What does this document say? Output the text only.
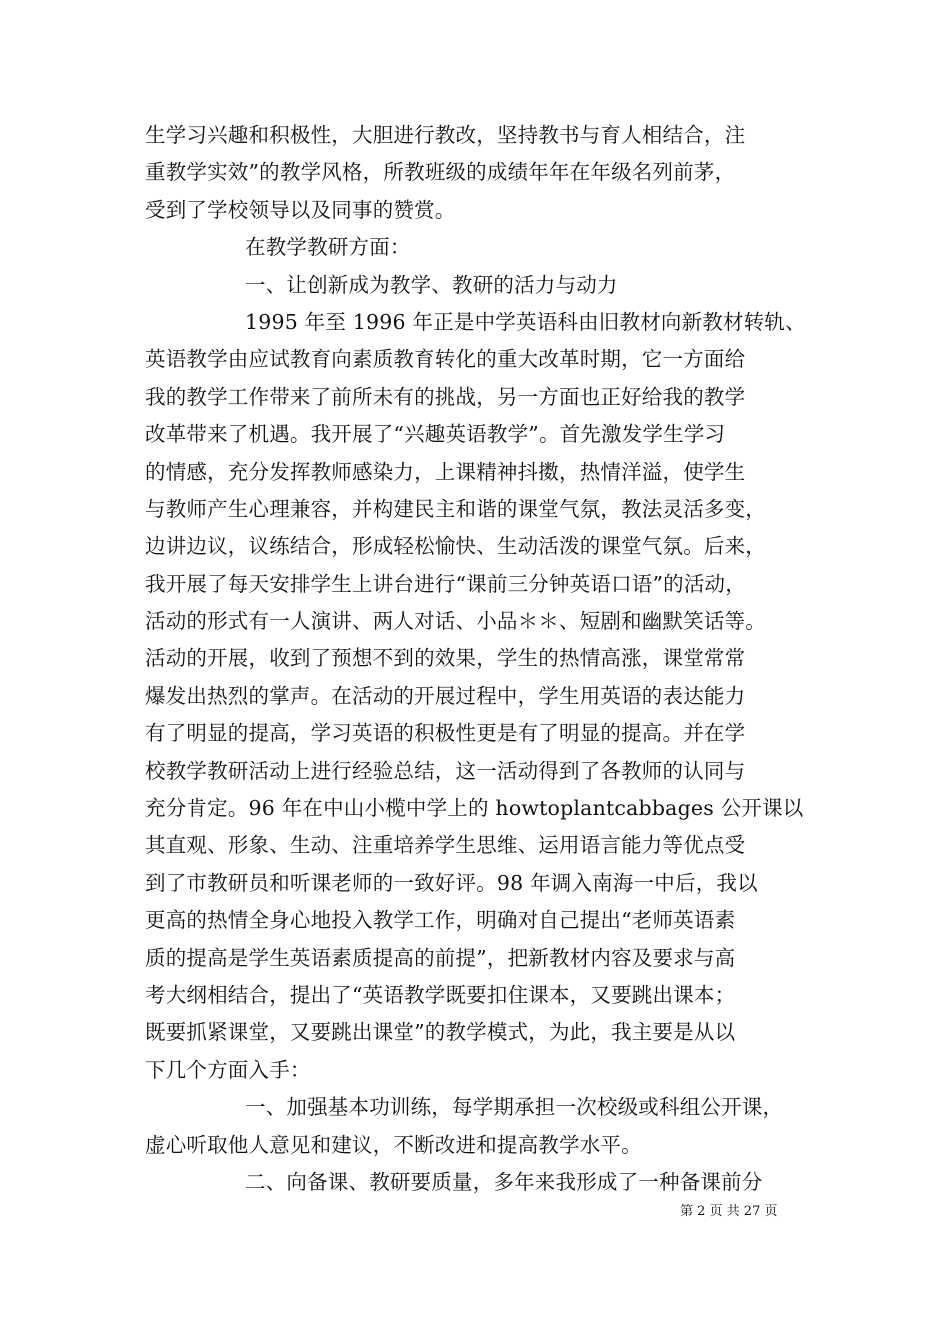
生学习兴趣和积极性，大胆进行教改，坚持教书与育人相结合，注
重教学实效”的教学风格，所教班级的成绩年年在年级名列前茅，
受到了学校领导以及同事的赞赏。
在教学教研方面：
一、让创新成为教学、教研的活力与动力
1995 年至 1996 年正是中学英语科由旧教材向新教材转轨、
英语教学由应试教育向素质教育转化的重大改革时期，它一方面给
我的教学工作带来了前所未有的挑战，另一方面也正好给我的教学
改革带来了机遇。我开展了“兴趣英语教学”。首先激发学生学习
的情感，充分发挥教师感染力，上课精神抖擞，热情洋溢，使学生
与教师产生心理兼容，并构建民主和谐的课堂气氛，教法灵活多变，
边讲边议，议练结合，形成轻松愉快、生动活泼的课堂气氛。后来，
我开展了每天安排学生上讲台进行“课前三分钟英语口语”的活动，
活动的形式有一人演讲、两人对话、小品＊＊、短剧和幽默笑话等。
活动的开展，收到了预想不到的效果，学生的热情高涨，课堂常常
爆发出热烈的掌声。在活动的开展过程中，学生用英语的表达能力
有了明显的提高，学习英语的积极性更是有了明显的提高。并在学
校教学教研活动上进行经验总结，这一活动得到了各教师的认同与
充分肯定。96 年在中山小榄中学上的 howtoplantcabbages 公开课以
其直观、形象、生动、注重培养学生思维、运用语言能力等优点受
到了市教研员和听课老师的一致好评。98 年调入南海一中后，我以
更高的热情全身心地投入教学工作，明确对自己提出“老师英语素
质的提高是学生英语素质提高的前提”，把新教材内容及要求与高
考大纲相结合，提出了“英语教学既要扣住课本，又要跳出课本；
既要抓紧课堂，又要跳出课堂”的教学模式，为此，我主要是从以
下几个方面入手：
一、加强基本功训练，每学期承担一次校级或科组公开课，
虚心听取他人意见和建议，不断改进和提高教学水平。
二、向备课、教研要质量，多年来我形成了一种备课前分
第 2 页 共 27 页
